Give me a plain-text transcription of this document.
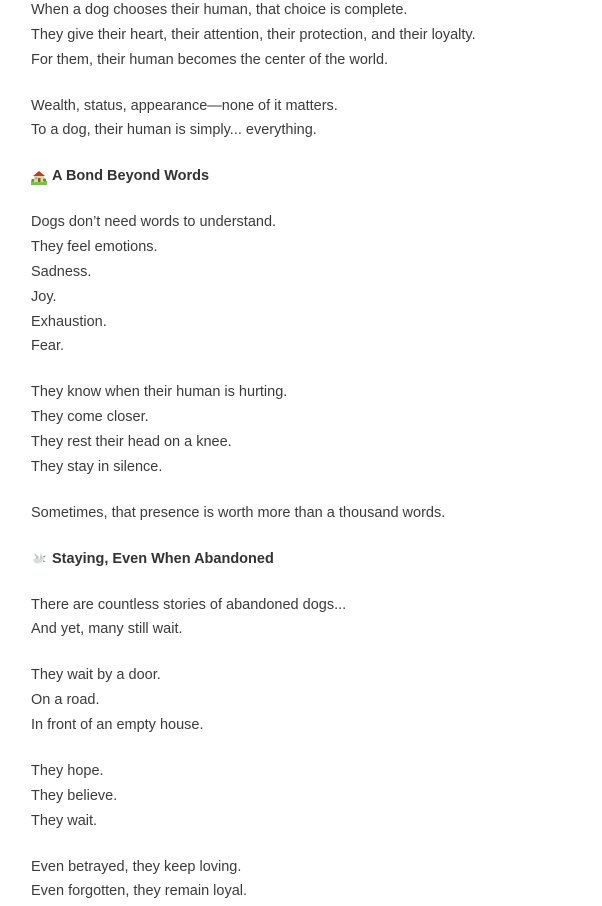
When a dog chooses their human, that choice is complete.

They give their heart, their attention, their protection, and their loyalty.

For them, their human becomes the center of the world.

Wealth, status, appearance—none of it matters.

To a dog, their human is simply... everything.

A Bond Beyond Words

Dogs don’t need words to understand.

They feel emotions.

Sadness.

Joy.

Exhaustion.

Fear.

They know when their human is hurting.

They come closer.

They rest their head on a knee.

They stay in silence.

Sometimes, that presence is worth more than a thousand words.

Staying, Even When Abandoned

There are countless stories of abandoned dogs...

And yet, many still wait.

They wait by a door.

On a road.

In front of an empty house.

They hope.

They believe.

They wait.

Even betrayed, they keep loving.

Even forgotten, they remain loyal.
